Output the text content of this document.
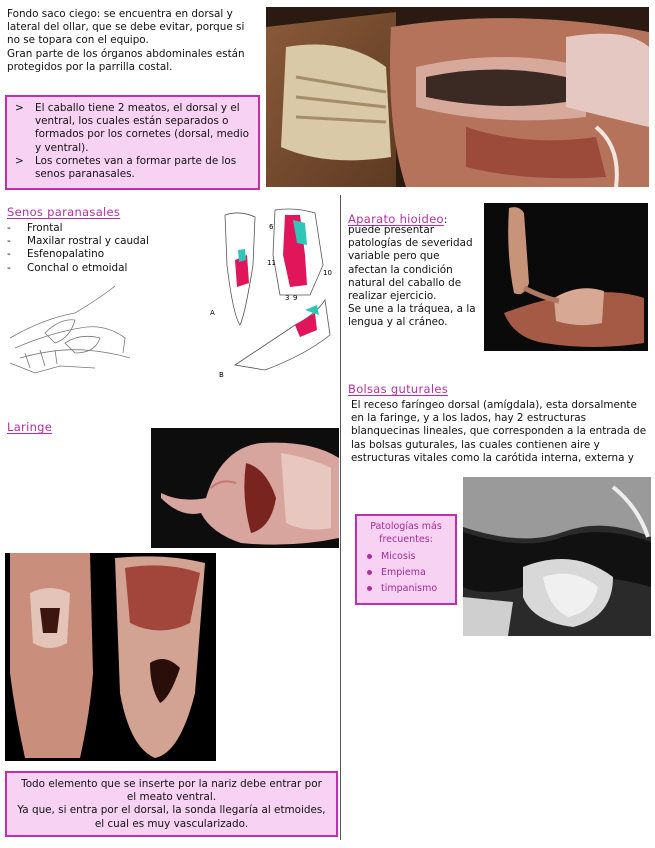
Fondo saco ciego: se encuentra en dorsal y
lateral del ollar, que se debe evitar, porque si
no se topara con el equipo.
Gran parte de los órganos abdominales están
protegidos por la parrilla costal.
> El caballo tiene 2 meatos, el dorsal y el ventral, los cuales están separados o formados por los cornetes (dorsal, medio y ventral).
> Los cornetes van a formar parte de los senos paranasales.
Senos paranasales
- Frontal
- Maxilar rostral y caudal
- Esfenopalatino
- Conchal o etmoidal
6
11
3 9
10
A
B
Laringe
Todo elemento que se inserte por la nariz debe entrar por
el meato ventral.
Ya que, si entra por el dorsal, la sonda llegaría al etmoides,
el cual es muy vascularizado.
Aparato hioideo:
puede presentar
patologías de severidad
variable pero que
afectan la condición
natural del caballo de
realizar ejercicio.
Se une a la tráquea, a la
lengua y al cráneo.
Bolsas guturales
El receso faríngeo dorsal (amígdala), esta dorsalmente
en la faringe, y a los lados, hay 2 estructuras
blanquecinas lineales, que corresponden a la entrada de
las bolsas guturales, las cuales contienen aire y
estructuras vitales como la carótida interna, externa y
Patologías más
frecuentes:
Micosis
Empiema
timpanismo
